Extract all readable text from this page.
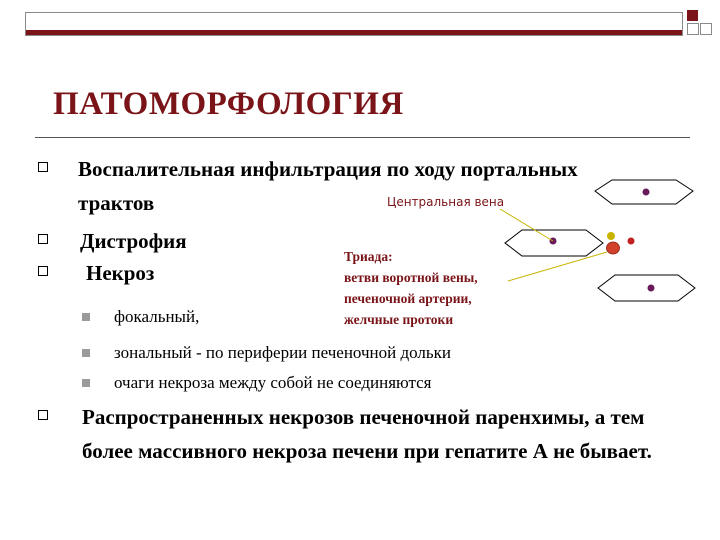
ПАТОМОРФОЛОГИЯ
Воспалительная инфильтрация по ходу портальных трактов
Дистрофия
Некроз
фокальный,
зональный - по периферии печеночной дольки
очаги некроза между собой не соединяются
Распространенных некрозов печеночной паренхимы, а тем более массивного некроза печени при гепатите А не бывает.
Центральная вена
Триада:
ветви воротной вены,
печеночной артерии,
желчные протоки
